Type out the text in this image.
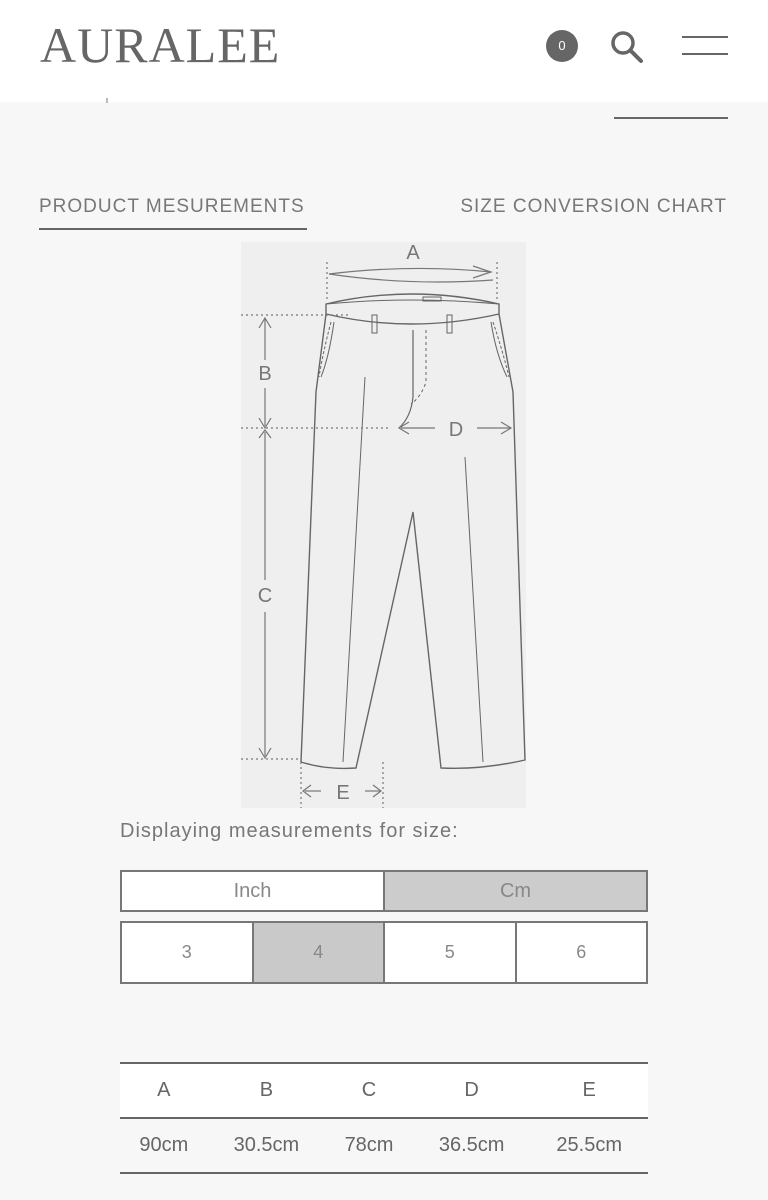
AURALEE	0
PRODUCT MESUREMENTS	SIZE CONVERSION CHART
A
B
C
D
E
Displaying measurements for size:
Inch	Cm
3	4	5	6
A	B	C	D	E
90cm	30.5cm	78cm	36.5cm	25.5cm
